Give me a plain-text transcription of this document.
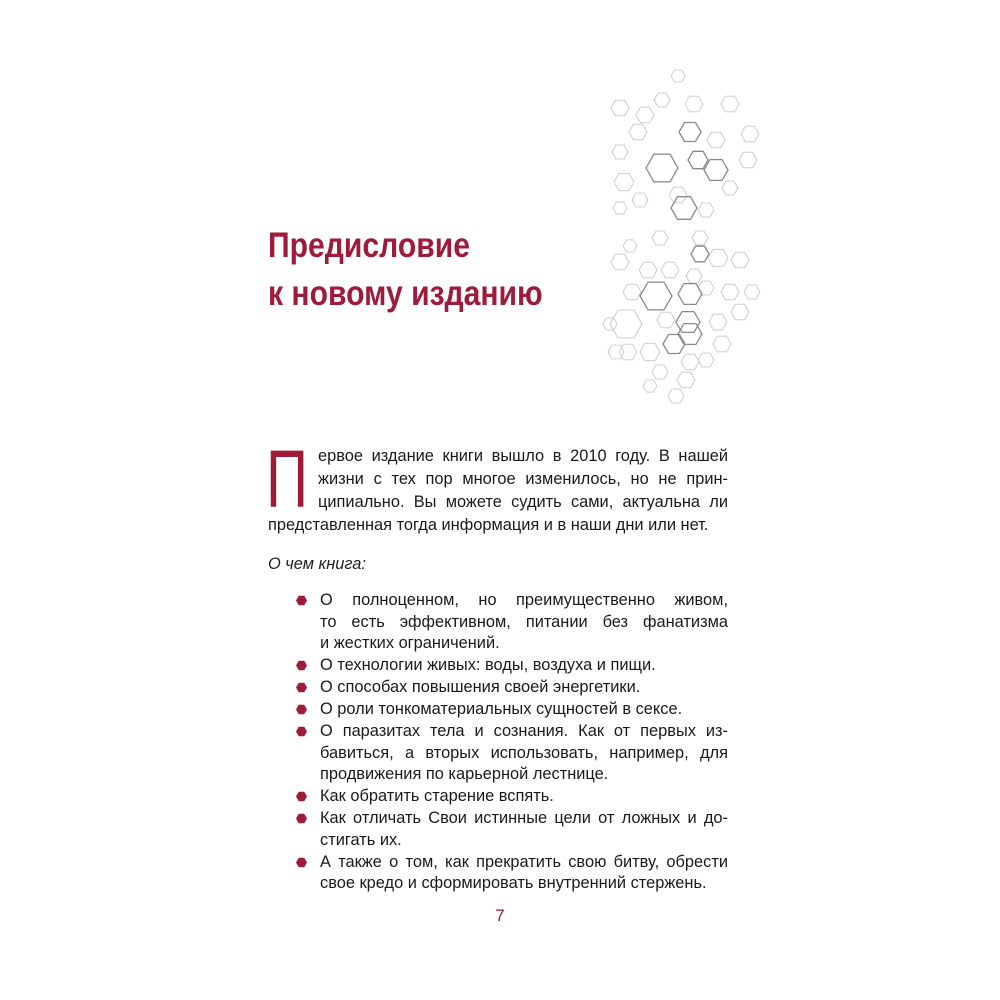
Предисловие
к новому изданию
П ервое издание книги вышло в 2010 году. В нашей
жизни с тех пор многое изменилось, но не прин-
ципиально. Вы можете судить сами, актуальна ли
представленная тогда информация и в наши дни или нет.

О чем книга:

О полноценном, но преимущественно живом,
то есть эффективном, питании без фанатизма
и жестких ограничений.
О технологии живых: воды, воздуха и пищи.
О способах повышения своей энергетики.
О роли тонкоматериальных сущностей в сексе.
О паразитах тела и сознания. Как от первых из-
бавиться, а вторых использовать, например, для
продвижения по карьерной лестнице.
Как обратить старение вспять.
Как отличать Свои истинные цели от ложных и до-
стигать их.
А также о том, как прекратить свою битву, обрести
свое кредо и сформировать внутренний стержень.
7
